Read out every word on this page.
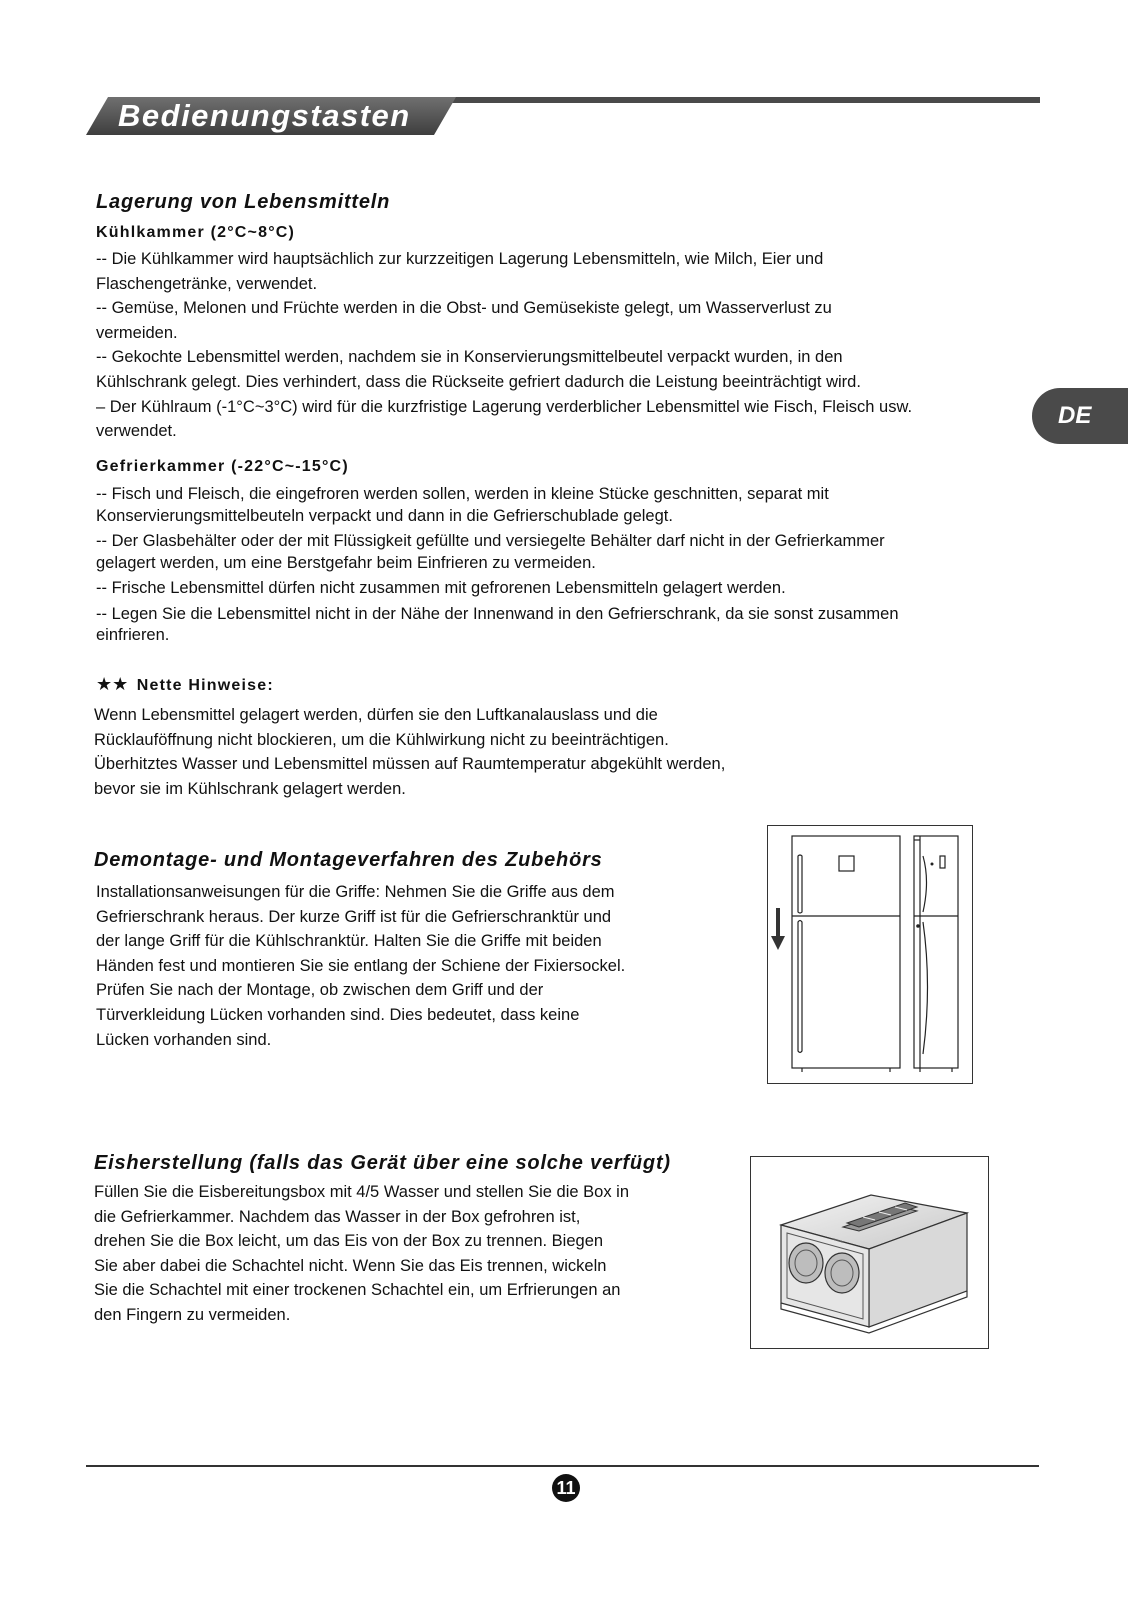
Bedienungstasten
DE
Lagerung von Lebensmitteln
Kühlkammer (2°C~8°C)
-- Die Kühlkammer wird hauptsächlich zur kurzzeitigen Lagerung Lebensmitteln, wie Milch, Eier und
Flaschengetränke, verwendet.
-- Gemüse, Melonen und Früchte werden in die Obst- und Gemüsekiste gelegt, um Wasserverlust zu
vermeiden.
-- Gekochte Lebensmittel werden, nachdem sie in Konservierungsmittelbeutel verpackt wurden, in den
Kühlschrank gelegt. Dies verhindert, dass die Rückseite gefriert dadurch die Leistung beeinträchtigt wird.
– Der Kühlraum (-1°C~3°C) wird für die kurzfristige Lagerung verderblicher Lebensmittel wie Fisch, Fleisch usw.
verwendet.
Gefrierkammer (-22°C~-15°C)
-- Fisch und Fleisch, die eingefroren werden sollen, werden in kleine Stücke geschnitten, separat mit
Konservierungsmittelbeuteln verpackt und dann in die Gefrierschublade gelegt.
-- Der Glasbehälter oder der mit Flüssigkeit gefüllte und versiegelte Behälter darf nicht in der Gefrierkammer
gelagert werden, um eine Berstgefahr beim Einfrieren zu vermeiden.
-- Frische Lebensmittel dürfen nicht zusammen mit gefrorenen Lebensmitteln gelagert werden.
-- Legen Sie die Lebensmittel nicht in der Nähe der Innenwand in den Gefrierschrank, da sie sonst zusammen
einfrieren.
★★ Nette Hinweise:
Wenn Lebensmittel gelagert werden, dürfen sie den Luftkanalauslass und die
Rücklauföffnung nicht blockieren, um die Kühlwirkung nicht zu beeinträchtigen.
Überhitztes Wasser und Lebensmittel müssen auf Raumtemperatur abgekühlt werden,
bevor sie im Kühlschrank gelagert werden.
Demontage- und Montageverfahren des Zubehörs
Installationsanweisungen für die Griffe: Nehmen Sie die Griffe aus dem
Gefrierschrank heraus. Der kurze Griff ist für die Gefrierschranktür und
der lange Griff für die Kühlschranktür. Halten Sie die Griffe mit beiden
Händen fest und montieren Sie sie entlang der Schiene der Fixiersockel.
Prüfen Sie nach der Montage, ob zwischen dem Griff und der
Türverkleidung Lücken vorhanden sind. Dies bedeutet, dass keine
Lücken vorhanden sind.
Eisherstellung (falls das Gerät über eine solche verfügt)
Füllen Sie die Eisbereitungsbox mit 4/5 Wasser und stellen Sie die Box in
die Gefrierkammer. Nachdem das Wasser in der Box gefrohren ist,
drehen Sie die Box leicht, um das Eis von der Box zu trennen. Biegen
Sie aber dabei die Schachtel nicht. Wenn Sie das Eis trennen, wickeln
Sie die Schachtel mit einer trockenen Schachtel ein, um Erfrierungen an
den Fingern zu vermeiden.
11
